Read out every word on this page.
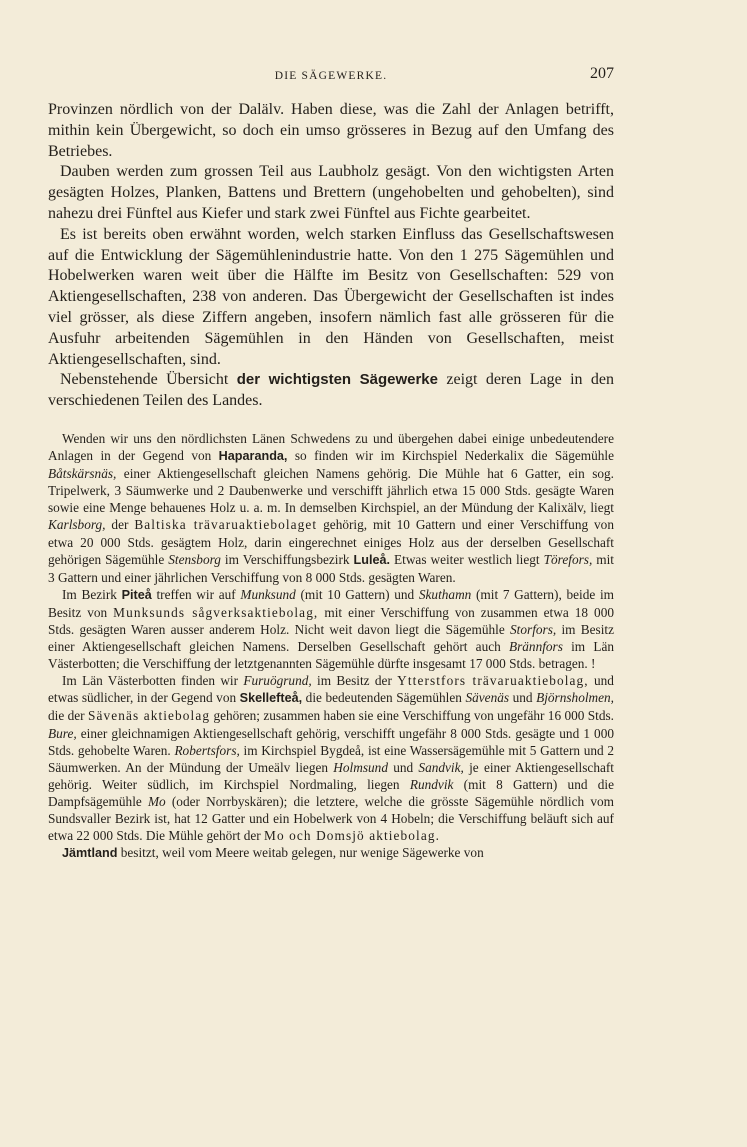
DIE SÄGEWERKE.	207

Provinzen nördlich von der Dalälv. Haben diese, was die Zahl der Anlagen betrifft, mithin kein Übergewicht, so doch ein umso grösseres in Bezug auf den Umfang des Betriebes.

Dauben werden zum grossen Teil aus Laubholz gesägt. Von den wichtigsten Arten gesägten Holzes, Planken, Battens und Brettern (ungehobelten und gehobelten), sind nahezu drei Fünftel aus Kiefer und stark zwei Fünftel aus Fichte gearbeitet.

Es ist bereits oben erwähnt worden, welch starken Einfluss das Gesellschaftswesen auf die Entwicklung der Sägemühlenindustrie hatte. Von den 1 275 Sägemühlen und Hobelwerken waren weit über die Hälfte im Besitz von Gesellschaften: 529 von Aktiengesellschaften, 238 von anderen. Das Übergewicht der Gesellschaften ist indes viel grösser, als diese Ziffern angeben, insofern nämlich fast alle grösseren für die Ausfuhr arbeitenden Sägemühlen in den Händen von Gesellschaften, meist Aktiengesellschaften, sind.

Nebenstehende Übersicht der wichtigsten Sägewerke zeigt deren Lage in den verschiedenen Teilen des Landes.

Wenden wir uns den nördlichsten Länen Schwedens zu und übergehen dabei einige unbedeutendere Anlagen in der Gegend von Haparanda, so finden wir im Kirchspiel Nederkalix die Sägemühle Båtskärsnäs, einer Aktiengesellschaft gleichen Namens gehörig. Die Mühle hat 6 Gatter, ein sog. Tripelwerk, 3 Säumwerke und 2 Daubenwerke und verschifft jährlich etwa 15 000 Stds. gesägte Waren sowie eine Menge behauenes Holz u. a. m. In demselben Kirchspiel, an der Mündung der Kalixälv, liegt Karlsborg, der Baltiska trävaruaktiebolaget gehörig, mit 10 Gattern und einer Verschiffung von etwa 20 000 Stds. gesägtem Holz, darin eingerechnet einiges Holz aus der derselben Gesellschaft gehörigen Sägemühle Stensborg im Verschiffungsbezirk Luleå. Etwas weiter westlich liegt Törefors, mit 3 Gattern und einer jährlichen Verschiffung von 8 000 Stds. gesägten Waren.

Im Bezirk Piteå treffen wir auf Munksund (mit 10 Gattern) und Skuthamn (mit 7 Gattern), beide im Besitz von Munksunds sågverksaktiebolag, mit einer Verschiffung von zusammen etwa 18 000 Stds. gesägten Waren ausser anderem Holz. Nicht weit davon liegt die Sägemühle Storfors, im Besitz einer Aktiengesellschaft gleichen Namens. Derselben Gesellschaft gehört auch Brännfors im Län Västerbotten; die Verschiffung der letztgenannten Sägemühle dürfte insgesamt 17 000 Stds. betragen. !

Im Län Västerbotten finden wir Furuögrund, im Besitz der Ytterstfors trävaruaktiebolag, und etwas südlicher, in der Gegend von Skellefteå, die bedeutenden Sägemühlen Sävenäs und Björnsholmen, die der Sävenäs aktiebolag gehören; zusammen haben sie eine Verschiffung von ungefähr 16 000 Stds. Bure, einer gleichnamigen Aktiengesellschaft gehörig, verschifft ungefähr 8 000 Stds. gesägte und 1 000 Stds. gehobelte Waren. Robertsfors, im Kirchspiel Bygdeå, ist eine Wassersägemühle mit 5 Gattern und 2 Säumwerken. An der Mündung der Umeälv liegen Holmsund und Sandvik, je einer Aktiengesellschaft gehörig. Weiter südlich, im Kirchspiel Nordmaling, liegen Rundvik (mit 8 Gattern) und die Dampfsägemühle Mo (oder Norrbyskären); die letztere, welche die grösste Sägemühle nördlich vom Sundsvaller Bezirk ist, hat 12 Gatter und ein Hobelwerk von 4 Hobeln; die Verschiffung beläuft sich auf etwa 22 000 Stds. Die Mühle gehört der Mo och Domsjö aktiebolag.

Jämtland besitzt, weil vom Meere weitab gelegen, nur wenige Sägewerke von
